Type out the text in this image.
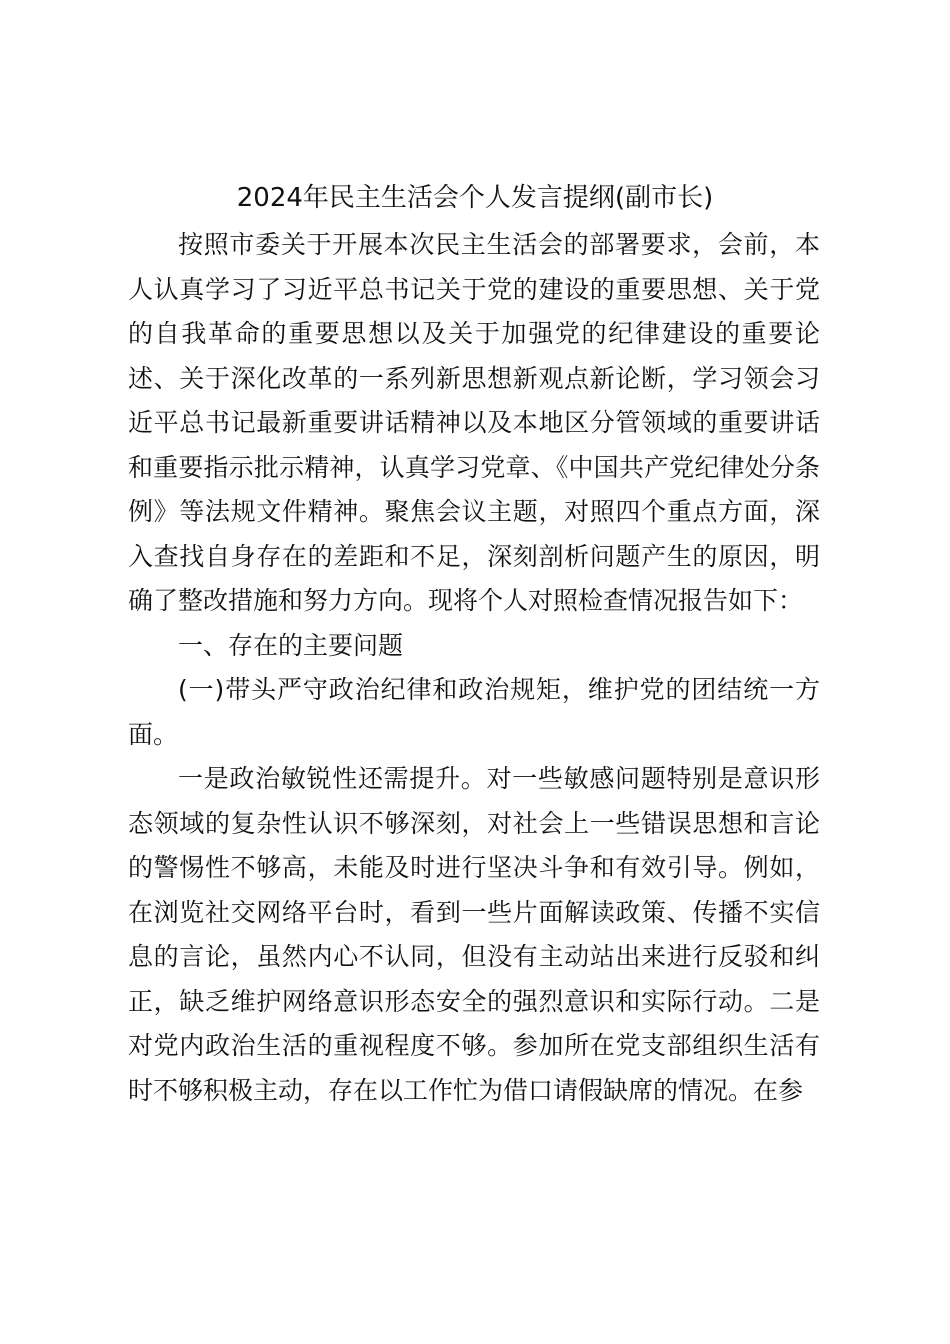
2024年民主生活会个人发言提纲(副市长)

按照市委关于开展本次民主生活会的部署要求，会前，本人认真学习了习近平总书记关于党的建设的重要思想、关于党的自我革命的重要思想以及关于加强党的纪律建设的重要论述、关于深化改革的一系列新思想新观点新论断，学习领会习近平总书记最新重要讲话精神以及本地区分管领域的重要讲话和重要指示批示精神，认真学习党章、《中国共产党纪律处分条例》等法规文件精神。聚焦会议主题，对照四个重点方面，深入查找自身存在的差距和不足，深刻剖析问题产生的原因，明确了整改措施和努力方向。现将个人对照检查情况报告如下：

一、存在的主要问题

(一)带头严守政治纪律和政治规矩，维护党的团结统一方面。

一是政治敏锐性还需提升。对一些敏感问题特别是意识形态领域的复杂性认识不够深刻，对社会上一些错误思想和言论的警惕性不够高，未能及时进行坚决斗争和有效引导。例如，在浏览社交网络平台时，看到一些片面解读政策、传播不实信息的言论，虽然内心不认同，但没有主动站出来进行反驳和纠正，缺乏维护网络意识形态安全的强烈意识和实际行动。二是对党内政治生活的重视程度不够。参加所在党支部组织生活有时不够积极主动，存在以工作忙为借口请假缺席的情况。在参
